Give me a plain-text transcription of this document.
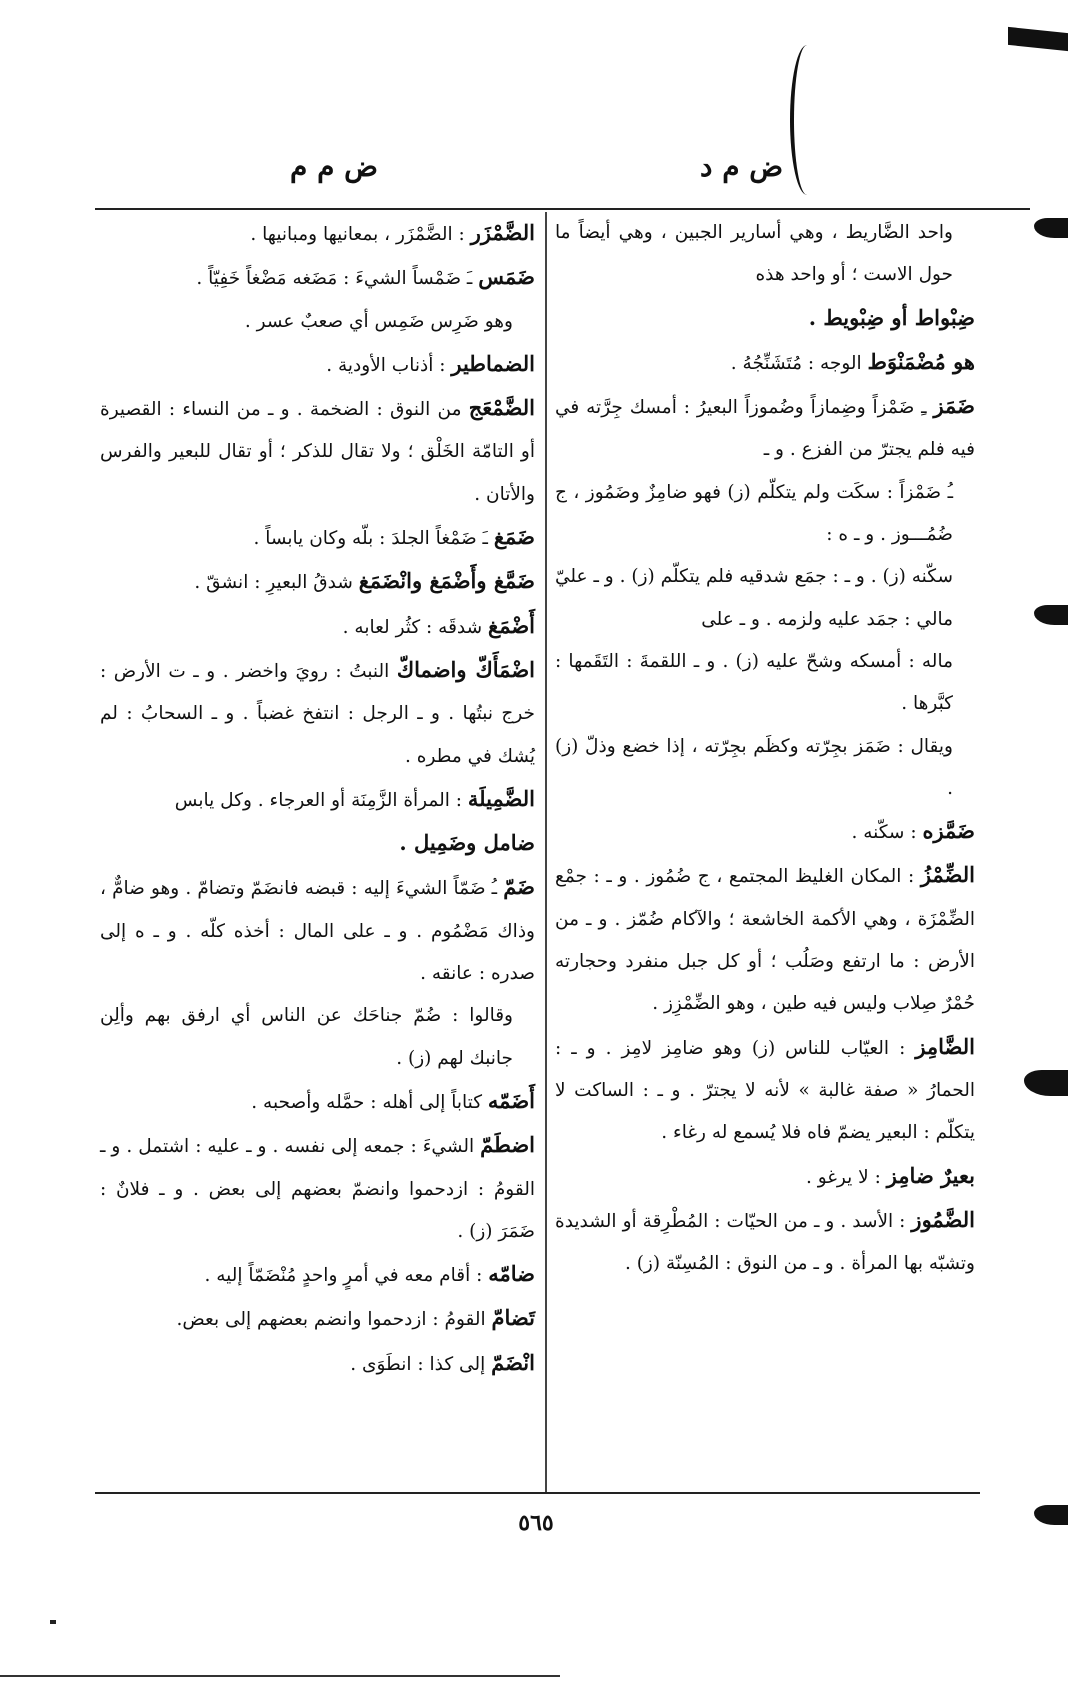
ض م م	ض م د

واحد الضَّاريط ، وهي أسارير الجبين ، وهي أيضاً ما حول الاست ؛ أو واحد هذه

ضِبْواط أو ضِبْويط .

هو مُضْمَنْوَط الوجه : مُتَشَنِّجُهُ .

ضَمَز ـِ ضَمْزاً وضِمازاً وضُموزاً البعيرُ : أمسك جِرَّته في فيه فلم يجترّ من الفزع . و ـ

ـُ ضَمْزاً : سكَت ولم يتكلّم (ز) فهو ضامِزٌ وضَمُوز ، ج ضُمُـــوز . و ـ ه :

سكّنه (ز) . و ـ : جمَع شدقيه فلم يتكلّم (ز) . و ـ عليّ مالي : جمَد عليه ولزمه . و ـ على

ماله : أمسكه وشحّ عليه (ز) . و ـ اللقمةَ : التَقَمها : كبَّرها .

ويقال : ضَمَز بجِرّته وكظَم بجِرّته ، إذا خضع وذلّ (ز) .

ضَمَّزه : سكّنه .

الضِّمْزُ : المكان الغليظ المجتمع ، ج ضُمُوز . و ـ : جمْع الضِّمْزَة ، وهي الأكمة الخاشعة ؛ والآكام ضُمّز . و ـ من الأرض : ما ارتفع وصَلُب ؛ أو كل جبل منفرد وحجارته حُمْرٌ صِلاب وليس فيه طين ، وهو الضِّمْزِز .

الضَّامِز : العيّاب للناس (ز) وهو ضامِز لامِز . و ـ : الحمارُ « صفة غالبة » لأنه لا يجترّ . و ـ : الساكت لا يتكلّم : البعير يضمّ فاه فلا يُسمع له رغاء .

بعيرٌ ضامِز : لا يرغو .

الضَّمُوز : الأسد . و ـ من الحيّات : المُطْرِقة أو الشديدة وتشبّه بها المرأة . و ـ من النوق : المُسِنّة (ز) .

الضَّمْزَر : الضَّمْزَر ، بمعانيها ومبانيها .

ضَمَس ـَ ضَمْساً الشيءَ : مَضَغه مَضْغاً خَفِيّاً .

وهو ضَرِس ضَمِس أي صعبٌ عسر .

الضماطير : أذناب الأودية .

الضَّمْعَج من النوق : الضخمة . و ـ من النساء : القصيرة أو التامّة الخَلْق ؛ ولا تقال للذكر ؛ أو تقال للبعير والفرس والأتان .

ضَمَغ ـَ ضَمْغاً الجلدَ : بلّه وكان يابساً .

ضَمَّغ وأَضْمَغ وانْضَمَغ شدقُ البعيرِ : انشقّ .

أَضْمَغ شدقَه : كثُر لعابه .

اضْمَأَكّ واضماكّ النبتُ : رويَ واخضر . و ـ ت الأرض : خرج نبتُها . و ـ الرجل : انتفخ غضباً . و ـ السحابُ : لم يُشك في مطره .

الضَّمِيلَة : المرأة الزَّمِنَة أو العرجاء . وكل يابس

ضامل وضَمِيل .

ضَمّ ـُ ضَمّاً الشيءَ إليه : قبضه فانضَمّ وتضامّ . وهو ضامٌّ ، وذاك مَضْمُوم . و ـ على المال : أخذه كلّه . و ـ ه إلى صدره : عانقه .

وقالوا : ضُمّ جناحَك عن الناس أي ارفق بهم وألِن جانبك لهم (ز) .

أَضَمّه كتاباً إلى أهله : حمَّله وأصحبه .

اضطَمّ الشيءَ : جمعه إلى نفسه . و ـ عليه : اشتمل . و ـ القومُ : ازدحموا وانضمّ بعضهم إلى بعض . و ـ فلانٌ : ضَمَرَ (ز) .

ضامّه : أقام معه في أمرٍ واحدٍ مُنْضَمّاً إليه .

تَضامّ القومُ : ازدحموا وانضم بعضهم إلى بعض.

انْضَمّ إلى كذا : انطَوَى .

٥٦٥
